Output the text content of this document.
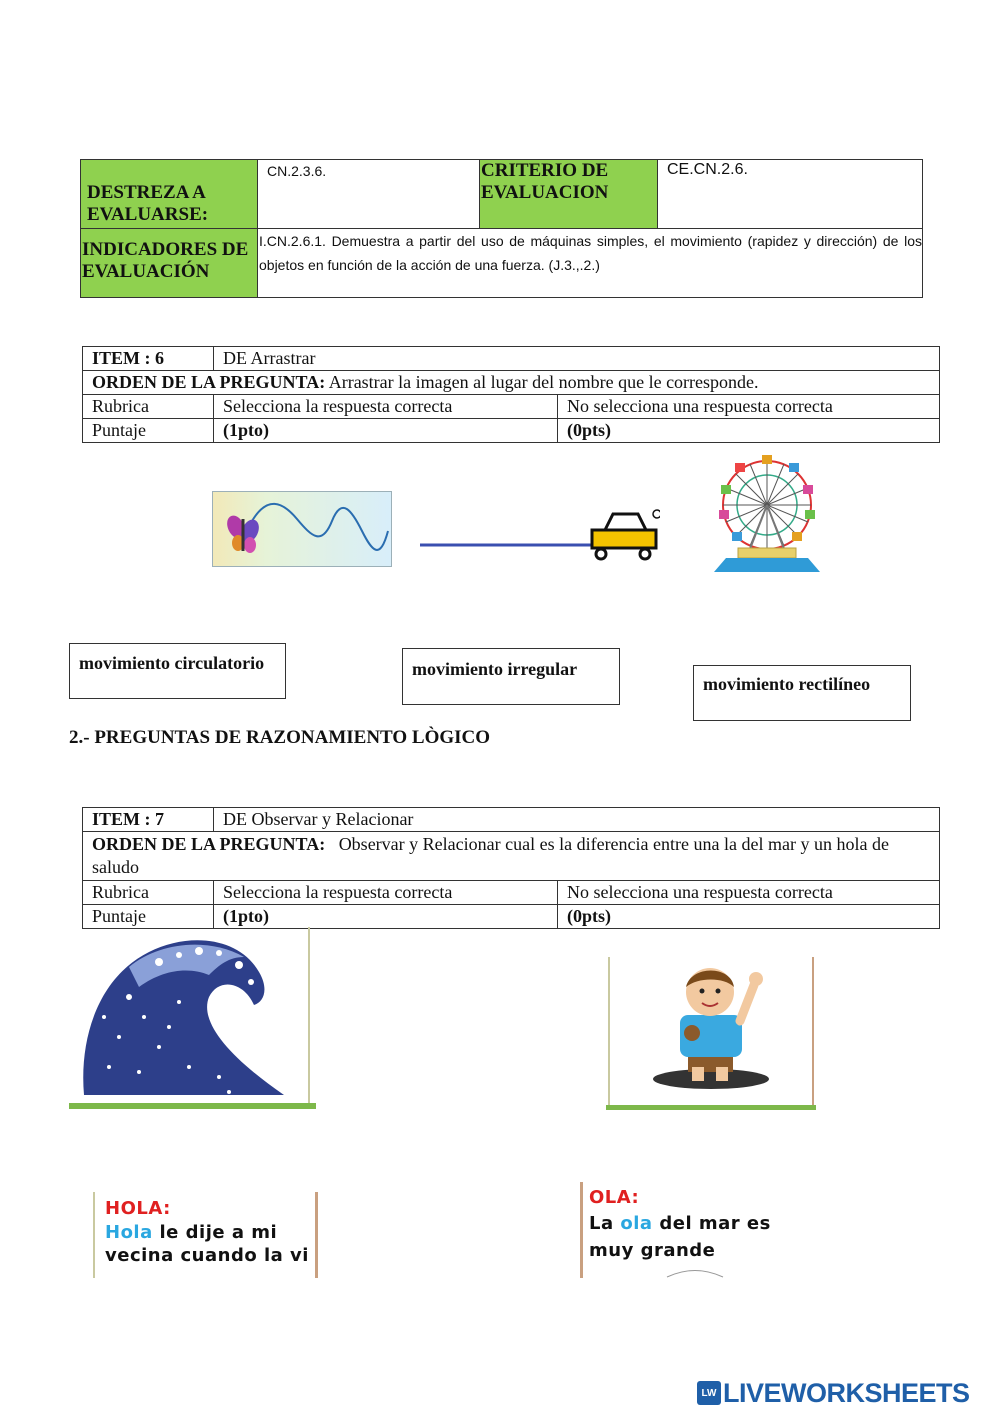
DESTREZA A EVALUARSE:	CN.2.3.6.	CRITERIO DE EVALUACION	CE.CN.2.6.
INDICADORES DE EVALUACIÓN	I.CN.2.6.1. Demuestra a partir del uso de máquinas simples, el movimiento (rapidez y dirección) de los objetos en función de la acción de una fuerza. (J.3.,.2.)		
ITEM : 6	DE Arrastrar	
ORDEN DE LA PREGUNTA: Arrastrar la imagen al lugar del nombre que le corresponde.		
Rubrica	Selecciona la respuesta correcta	No selecciona una respuesta correcta
Puntaje	(1pto)	(0pts)
movimiento circulatorio	movimiento irregular
movimiento rectilíneo
2.- PREGUNTAS DE RAZONAMIENTO LÒGICO
ITEM : 7	DE Observar y Relacionar	
ORDEN DE LA PREGUNTA: Observar y Relacionar cual es la diferencia entre una la del mar y un hola de saludo		
Rubrica	Selecciona la respuesta correcta	No selecciona una respuesta correcta
Puntaje	(1pto)	(0pts)
HOLA:
Hola le dije a mi
vecina cuando la vi
OLA:
La ola del mar es
muy grande
LW LIVEWORKSHEETS
